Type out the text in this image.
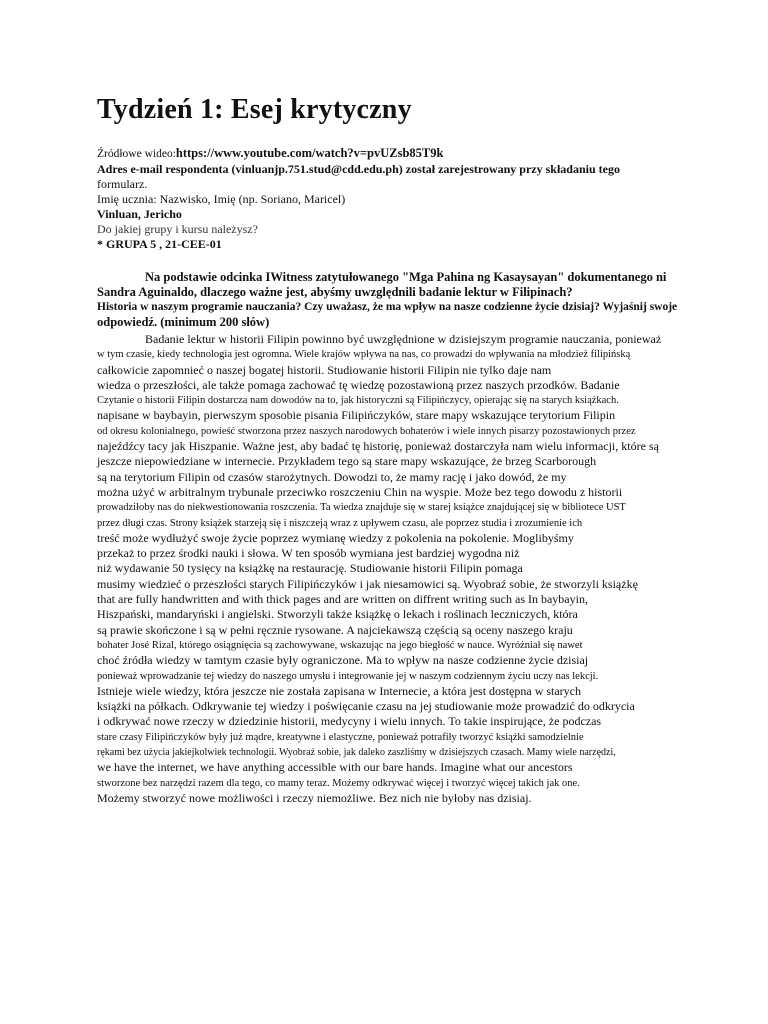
Tydzień 1: Esej krytyczny
Źródłowe wideo:https://www.youtube.com/watch?v=pvUZsb85T9k
Adres e-mail respondenta (vinluanjp.751.stud@cdd.edu.ph) został zarejestrowany przy składaniu tego
formularz.
Imię ucznia: Nazwisko, Imię (np. Soriano, Maricel)
Vinluan, Jericho
Do jakiej grupy i kursu należysz?
* GRUPA 5 , 21-CEE-01
Na podstawie odcinka IWitness zatytułowanego "Mga Pahina ng Kasaysayan" dokumentanego ni
Sandra Aguinaldo, dlaczego ważne jest, abyśmy uwzględnili badanie lektur w Filipinach?
Historia w naszym programie nauczania? Czy uważasz, że ma wpływ na nasze codzienne życie dzisiaj? Wyjaśnij swoje
odpowiedź. (minimum 200 słów)
Badanie lektur w historii Filipin powinno być uwzględnione w dzisiejszym programie nauczania, ponieważ
w tym czasie, kiedy technologia jest ogromna. Wiele krajów wpływa na nas, co prowadzi do wpływania na młodzież filipińską
całkowicie zapomnieć o naszej bogatej historii. Studiowanie historii Filipin nie tylko daje nam
wiedza o przeszłości, ale także pomaga zachować tę wiedzę pozostawioną przez naszych przodków. Badanie
Czytanie o historii Filipin dostarcza nam dowodów na to, jak historyczni są Filipińczycy, opierając się na starych książkach.
napisane w baybayin, pierwszym sposobie pisania Filipińczyków, stare mapy wskazujące terytorium Filipin
od okresu kolonialnego, powieść stworzona przez naszych narodowych bohaterów i wiele innych pisarzy pozostawionych przez
najeźdźcy tacy jak Hiszpanie. Ważne jest, aby badać tę historię, ponieważ dostarczyła nam wielu informacji, które są
jeszcze niepowiedziane w internecie. Przykładem tego są stare mapy wskazujące, że brzeg Scarborough
są na terytorium Filipin od czasów starożytnych. Dowodzi to, że mamy rację i jako dowód, że my
można użyć w arbitralnym trybunale przeciwko roszczeniu Chin na wyspie. Może bez tego dowodu z historii
prowadziłoby nas do niekwestionowania roszczenia. Ta wiedza znajduje się w starej książce znajdującej się w bibliotece UST
przez długi czas. Strony książek starzeją się i niszczeją wraz z upływem czasu, ale poprzez studia i zrozumienie ich
treść może wydłużyć swoje życie poprzez wymianę wiedzy z pokolenia na pokolenie. Moglibyśmy
przekaż to przez środki nauki i słowa. W ten sposób wymiana jest bardziej wygodna niż
niż wydawanie 50 tysięcy na książkę na restaurację. Studiowanie historii Filipin pomaga
musimy wiedzieć o przeszłości starych Filipińczyków i jak niesamowici są. Wyobraź sobie, że stworzyli książkę
that are fully handwritten and with thick pages and are written on diffrent writing such as In baybayin,
Hiszpański, mandaryński i angielski. Stworzyli także książkę o lekach i roślinach leczniczych, która
są prawie skończone i są w pełni ręcznie rysowane. A najciekawszą częścią są oceny naszego kraju
bohater José Rizal, którego osiągnięcia są zachowywane, wskazując na jego biegłość w nauce. Wyróżniał się nawet
choć źródła wiedzy w tamtym czasie były ograniczone. Ma to wpływ na nasze codzienne życie dzisiaj
ponieważ wprowadzanie tej wiedzy do naszego umysłu i integrowanie jej w naszym codziennym życiu uczy nas lekcji.
Istnieje wiele wiedzy, która jeszcze nie została zapisana w Internecie, a która jest dostępna w starych
książki na półkach. Odkrywanie tej wiedzy i poświęcanie czasu na jej studiowanie może prowadzić do odkrycia
i odkrywać nowe rzeczy w dziedzinie historii, medycyny i wielu innych. To takie inspirujące, że podczas
stare czasy Filipińczyków były już mądre, kreatywne i elastyczne, ponieważ potrafiły tworzyć książki samodzielnie
rękami bez użycia jakiejkolwiek technologii. Wyobraź sobie, jak daleko zaszliśmy w dzisiejszych czasach. Mamy wiele narzędzi,
we have the internet, we have anything accessible with our bare hands. Imagine what our ancestors
stworzone bez narzędzi razem dla tego, co mamy teraz. Możemy odkrywać więcej i tworzyć więcej takich jak one.
Możemy stworzyć nowe możliwości i rzeczy niemożliwe. Bez nich nie byłoby nas dzisiaj.
